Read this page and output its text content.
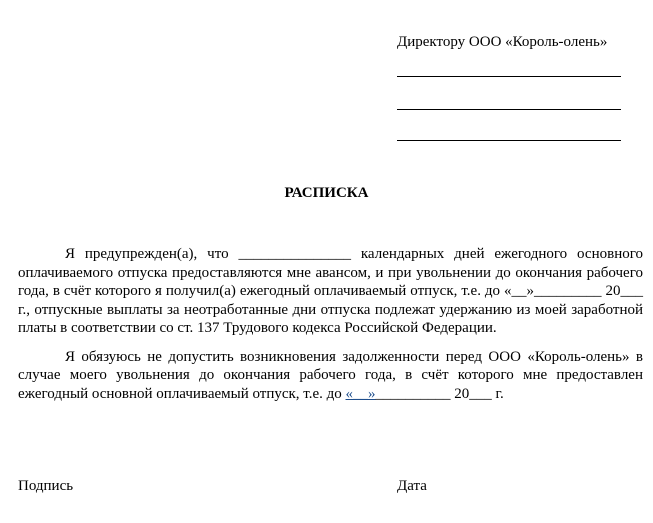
Директору ООО «Король-олень»
РАСПИСКА

Я предупрежден(а), что _______________ календарных дней ежегодного основного оплачиваемого отпуска предоставляются мне авансом, и при увольнении до окончания рабочего года, в счёт которого я получил(а) ежегодный оплачиваемый отпуск, т.е. до «__»_________ 20___ г., отпускные выплаты за неотработанные дни отпуска подлежат удержанию из моей заработной платы в соответствии со ст. 137 Трудового кодекса Российской Федерации.

Я обязуюсь не допустить возникновения задолженности перед ООО «Король-олень» в случае моего увольнения до окончания рабочего года, в счёт которого мне предоставлен ежегодный основной оплачиваемый отпуск, т.е. до «__»__________ 20___ г.

Подпись	Дата
